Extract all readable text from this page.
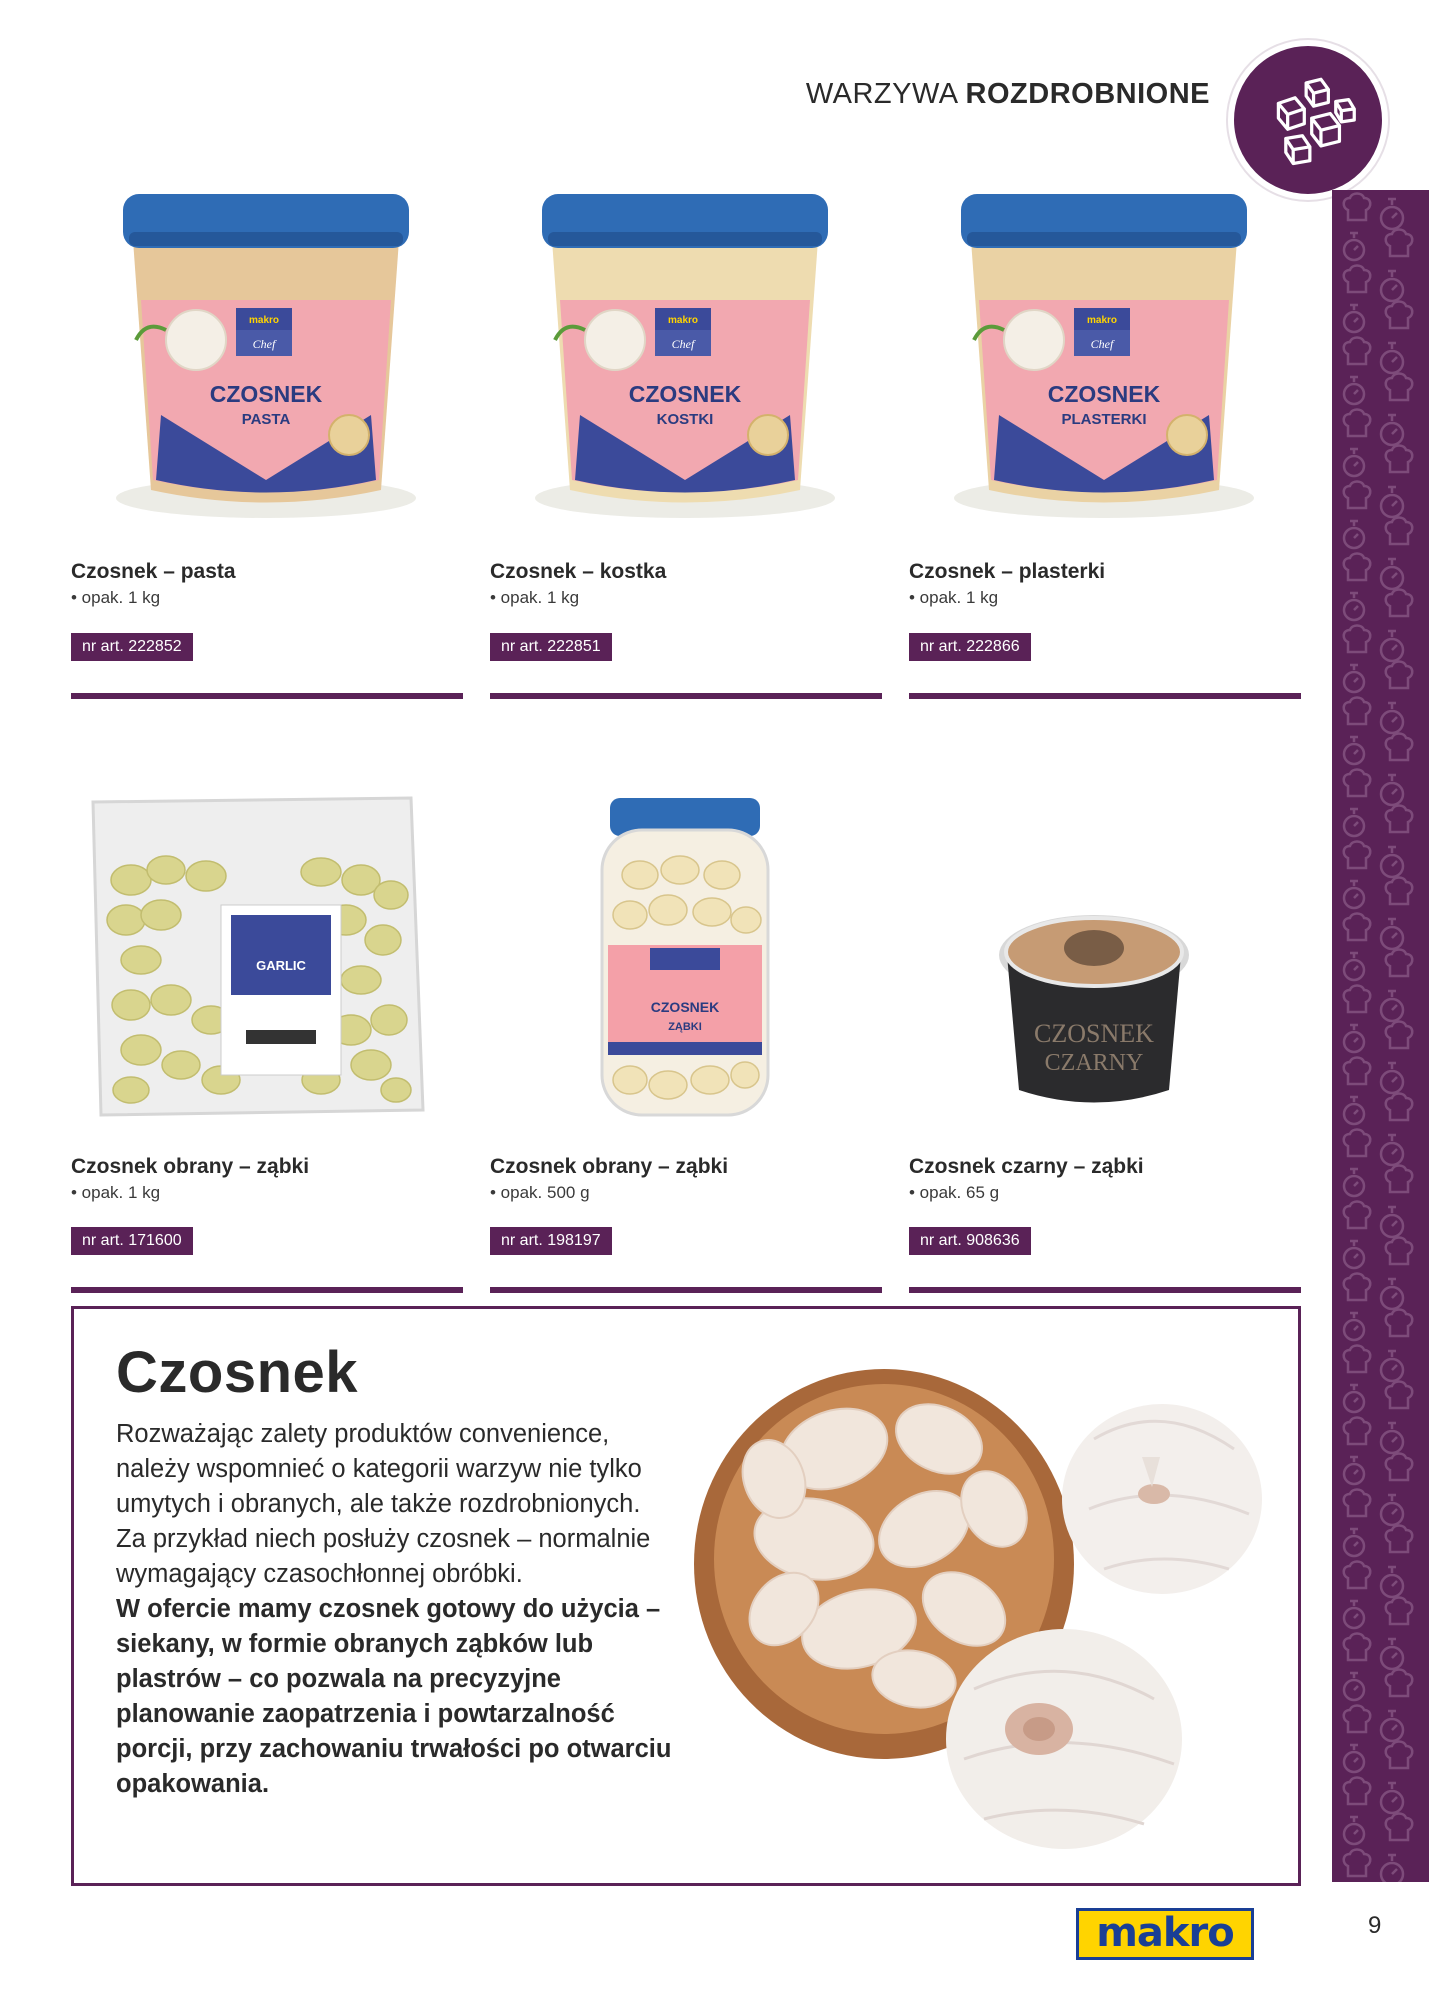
WARZYWA ROZDROBNIONE
makro
Chef
CZOSNEK
PASTA
Czosnek – pasta
• opak. 1 kg
nr art. 222852
makro
Chef
CZOSNEK
KOSTKI
Czosnek – kostka
• opak. 1 kg
nr art. 222851
makro
Chef
CZOSNEK
PLASTERKI
Czosnek – plasterki
• opak. 1 kg
nr art. 222866
GARLIC
Czosnek obrany – ząbki
• opak. 1 kg
nr art. 171600
CZOSNEK
ZĄBKI
Czosnek obrany – ząbki
• opak. 500 g
nr art. 198197
CZOSNEK
CZARNY
Czosnek czarny – ząbki
• opak. 65 g
nr art. 908636
Czosnek

Rozważając zalety produktów convenience, należy wspomnieć o kategorii warzyw nie tylko umytych i obranych, ale także rozdrobnionych. Za przykład niech posłuży czosnek – normalnie wymagający czasochłonnej obróbki.

W ofercie mamy czosnek gotowy do użycia – siekany, w formie obranych ząbków lub plastrów – co pozwala na precyzyjne planowanie zaopatrzenia i powtarzalność porcji, przy zachowaniu trwałości po otwarciu opakowania.

makro	9
